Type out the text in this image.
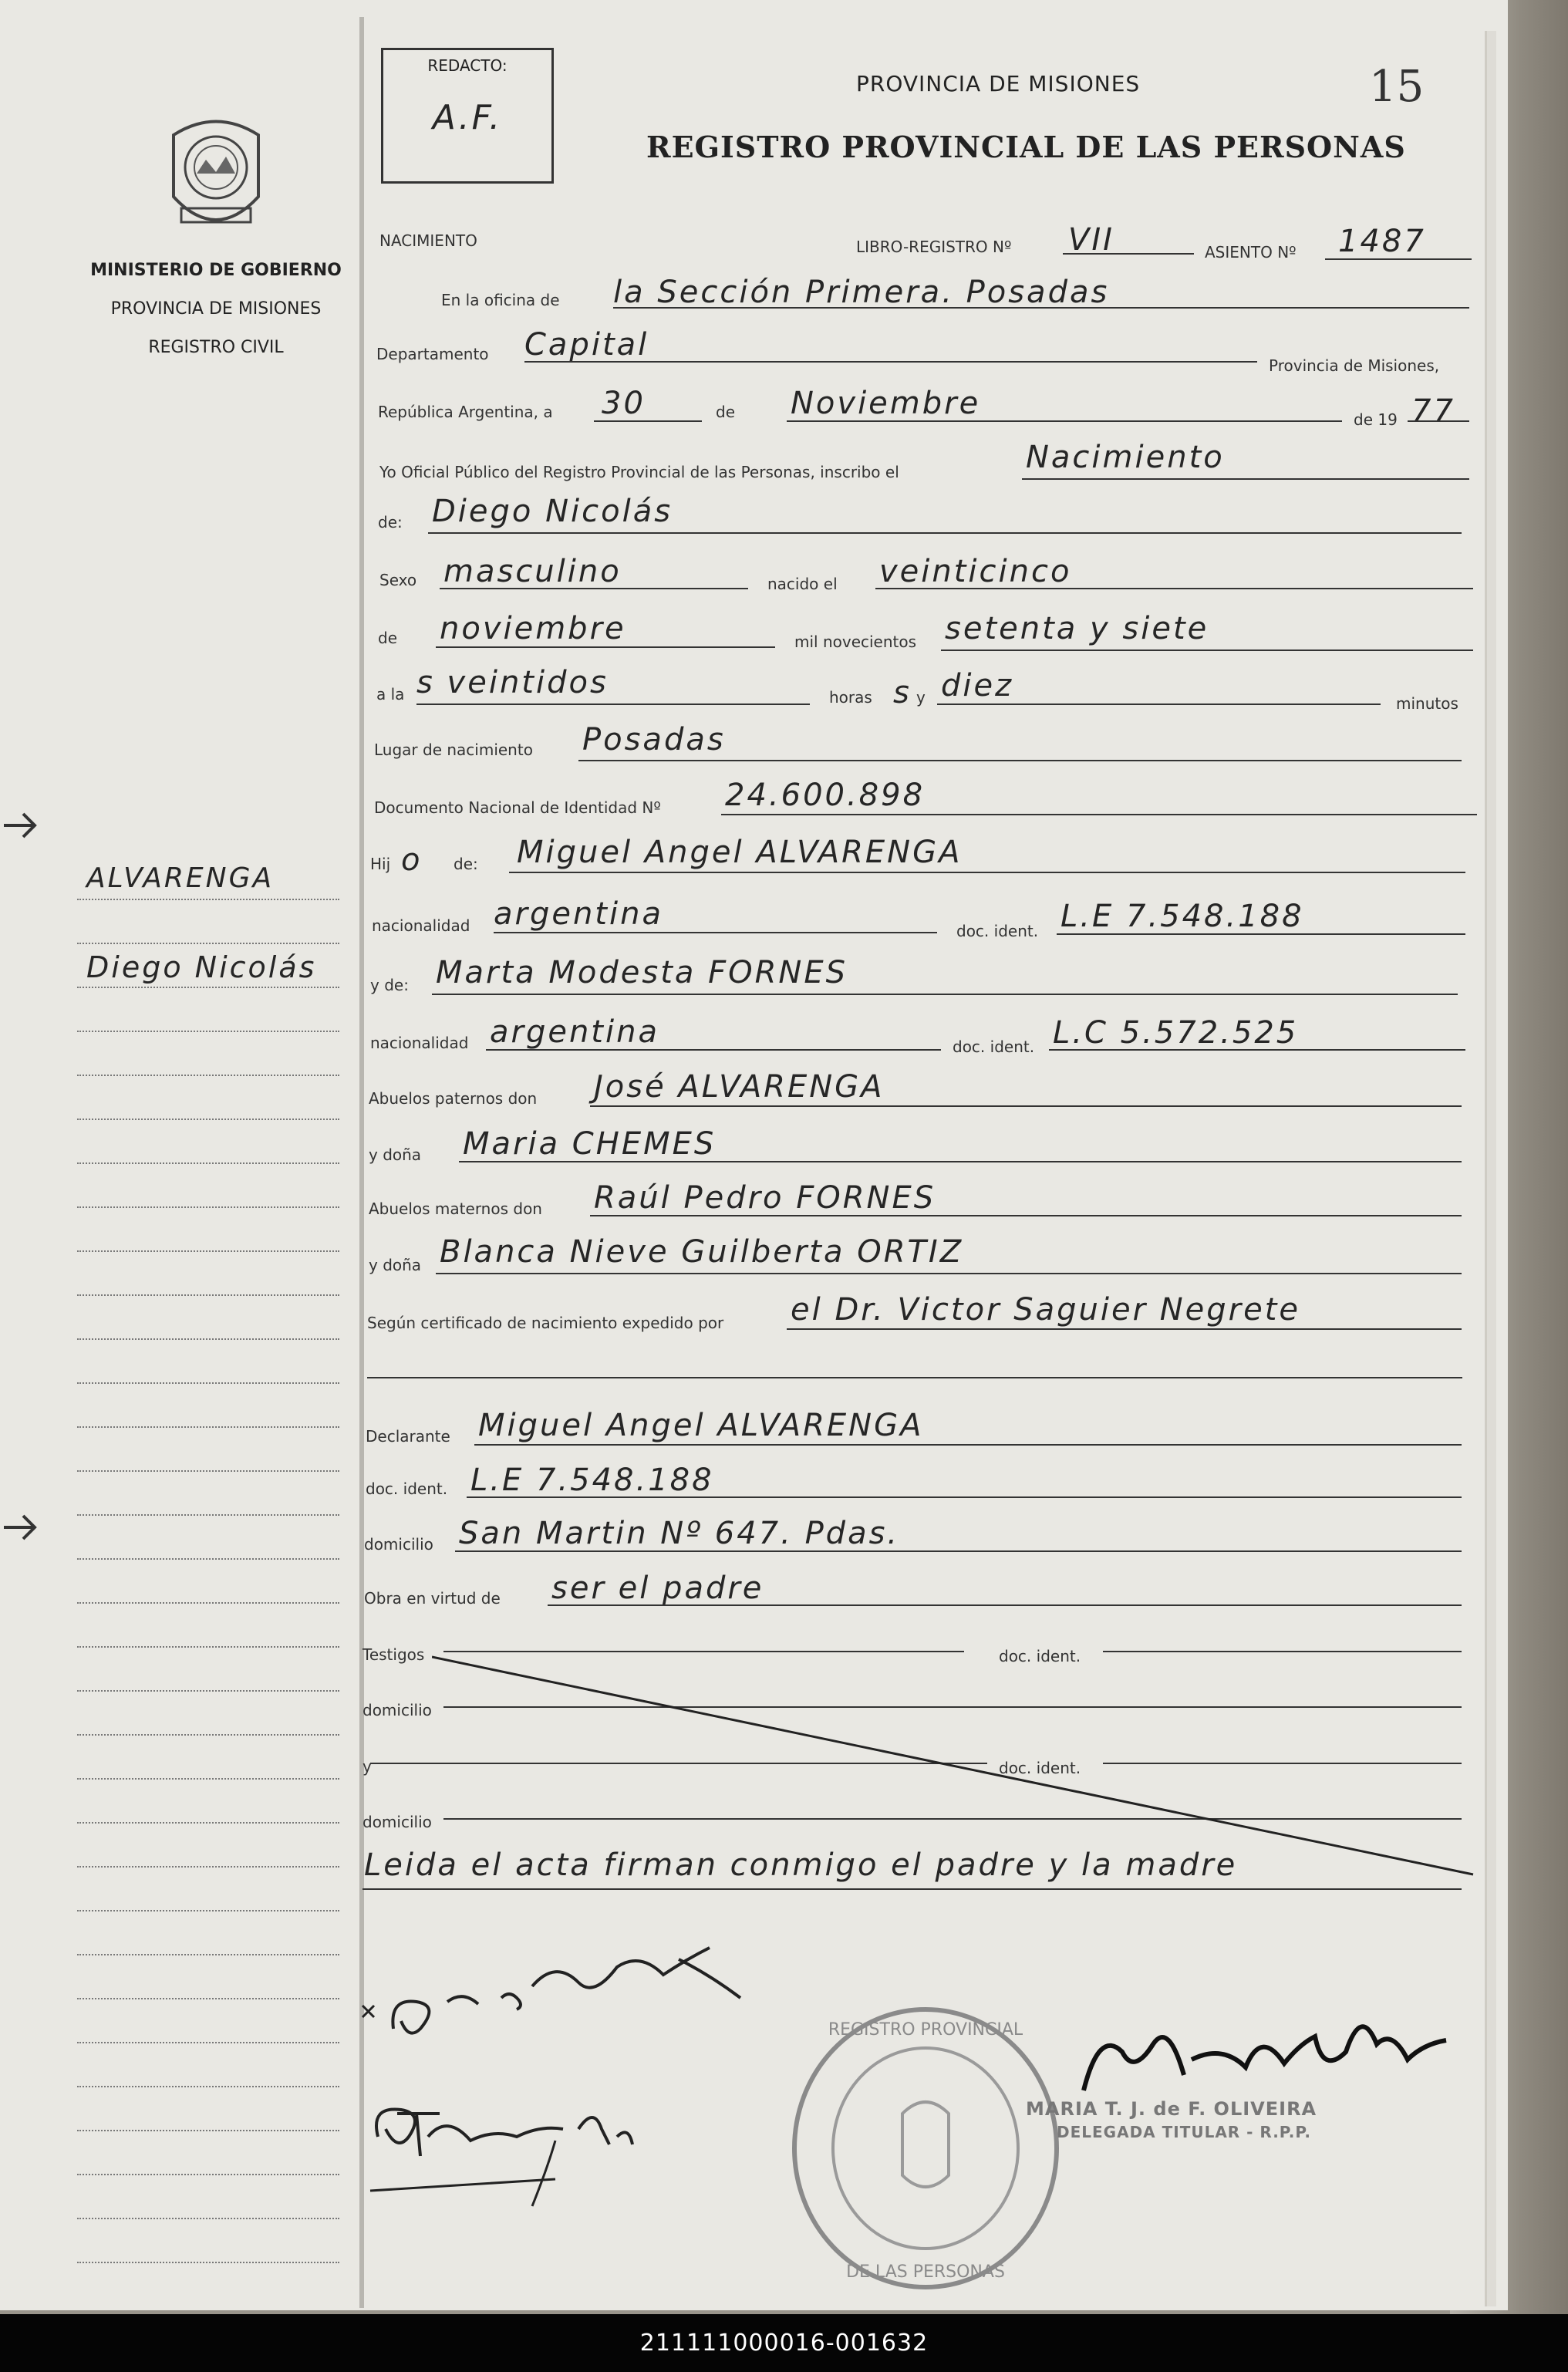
MINISTERIO DE GOBIERNO
PROVINCIA DE MISIONES
REGISTRO CIVIL
ALVARENGA
Diego Nicolás
REDACTO:
A.F.
PROVINCIA DE MISIONES	15
REGISTRO PROVINCIAL DE LAS PERSONAS
NACIMIENTO	LIBRO-REGISTRO Nº VII	ASIENTO Nº 1487
En la oficina de la Sección Primera. Posadas
Departamento Capital
Provincia de Misiones,
República Argentina, a 30	de Noviembre	de 19 77
Yo Oficial Público del Registro Provincial de las Personas, inscribo el	Nacimiento
de: Diego Nicolás
Sexo masculino	nacido el veinticinco
de noviembre	mil novecientos setenta y siete
a la s veintidos	horas s y diez	minutos
Lugar de nacimiento Posadas
Documento Nacional de Identidad Nº 24.600.898
Hij o de: Miguel Angel ALVARENGA
nacionalidad argentina	doc. ident. L.E 7.548.188
y de: Marta Modesta FORNES
nacionalidad argentina	doc. ident. L.C 5.572.525
Abuelos paternos don José ALVARENGA
y doña Maria CHEMES
Abuelos maternos don Raúl Pedro FORNES
y doña Blanca Nieve Guilberta ORTIZ
Según certificado de nacimiento expedido por el Dr. Victor Saguier Negrete
Declarante Miguel Angel ALVARENGA
doc. ident. L.E 7.548.188
domicilio San Martin Nº 647. Pdas.
Obra en virtud de ser el padre
Testigos	doc. ident.
domicilio
y	doc. ident.
domicilio
Leida el acta firman conmigo el padre y la madre
REGISTRO PROVINCIAL
DE LAS PERSONAS
MARIA T. J. de F. OLIVEIRA
DELEGADA TITULAR - R.P.P.
211111000016-001632
